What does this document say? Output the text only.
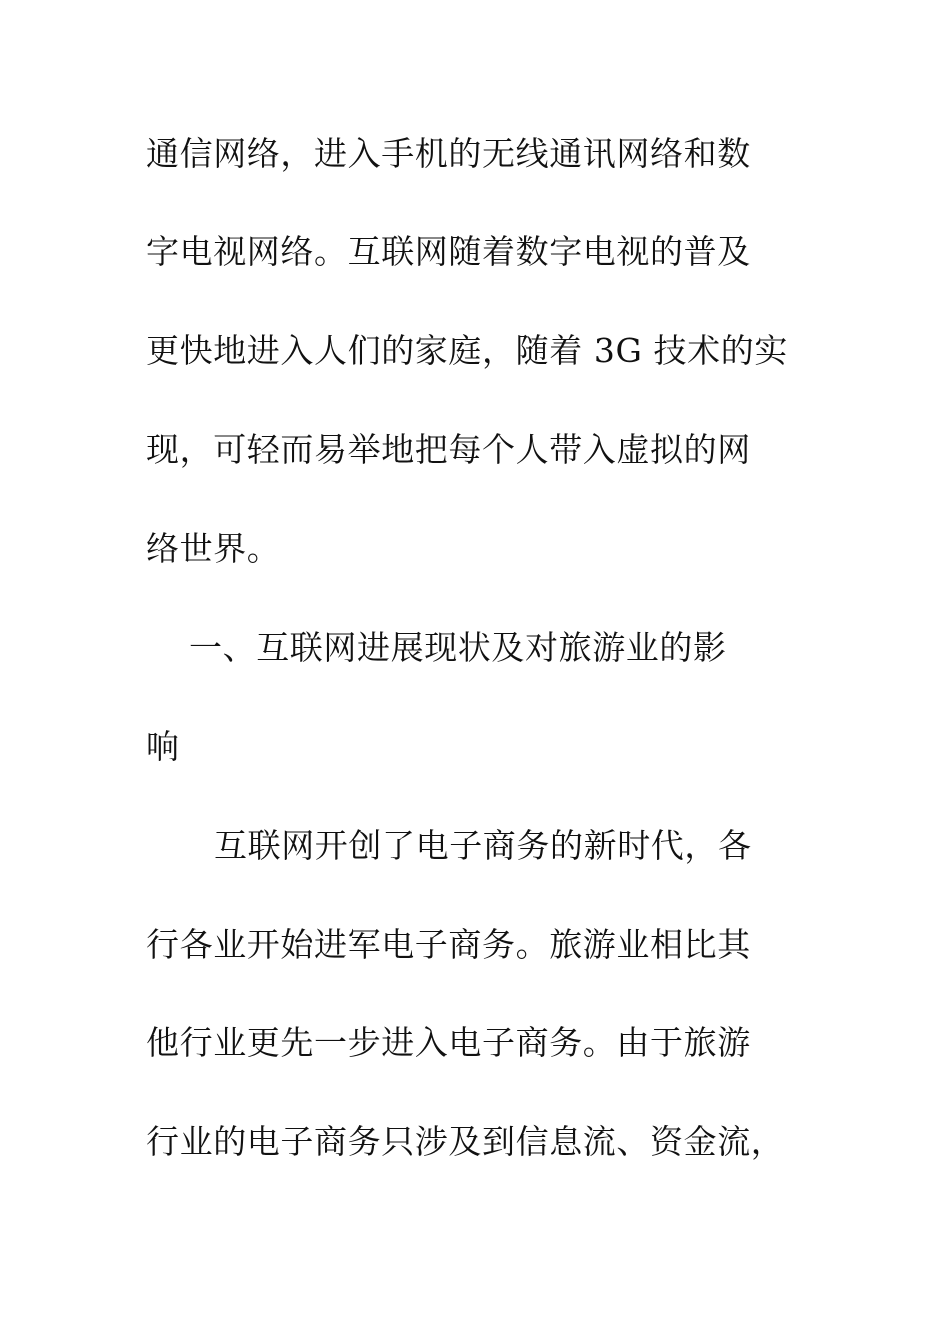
通信网络，进入手机的无线通讯网络和数

字电视网络。互联网随着数字电视的普及

更快地进入人们的家庭，随着 3G 技术的实

现，可轻而易举地把每个人带入虚拟的网

络世界。

一、互联网进展现状及对旅游业的影

响

互联网开创了电子商务的新时代，各

行各业开始进军电子商务。旅游业相比其

他行业更先一步进入电子商务。由于旅游

行业的电子商务只涉及到信息流、资金流，
